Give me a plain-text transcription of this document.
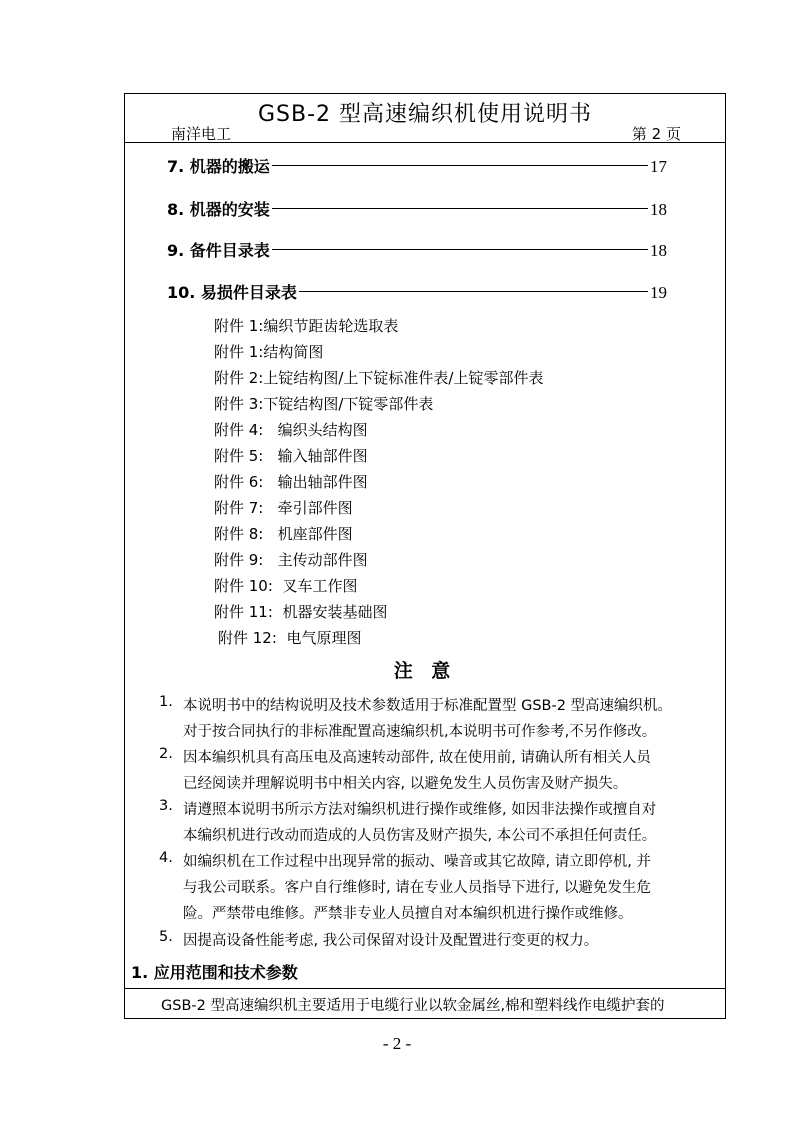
GSB-2 型高速编织机使用说明书
南洋电工	第 2 页
7. 机器的搬运	17
8. 机器的安装	18
9. 备件目录表	18
10. 易损件目录表	19
附件 1:编织节距齿轮选取表
附件 1:结构简图
附件 2:上锭结构图/上下锭标准件表/上锭零部件表
附件 3:下锭结构图/下锭零部件表
附件 4:   编织头结构图
附件 5:   输入轴部件图
附件 6:   输出轴部件图
附件 7:   牵引部件图
附件 8:   机座部件图
附件 9:   主传动部件图
附件 10:  叉车工作图
附件 11:  机器安装基础图
附件 12:  电气原理图
注 意
1. 本说明书中的结构说明及技术参数适用于标准配置型 GSB-2 型高速编织机。
对于按合同执行的非标准配置高速编织机,本说明书可作参考,不另作修改。
2. 因本编织机具有高压电及高速转动部件, 故在使用前, 请确认所有相关人员
已经阅读并理解说明书中相关内容, 以避免发生人员伤害及财产损失。
3. 请遵照本说明书所示方法对编织机进行操作或维修, 如因非法操作或擅自对
本编织机进行改动而造成的人员伤害及财产损失, 本公司不承担任何责任。
4. 如编织机在工作过程中出现异常的振动、噪音或其它故障, 请立即停机, 并
与我公司联系。客户自行维修时, 请在专业人员指导下进行, 以避免发生危
险。严禁带电维修。严禁非专业人员擅自对本编织机进行操作或维修。
5. 因提高设备性能考虑, 我公司保留对设计及配置进行变更的权力。
1. 应用范围和技术参数
GSB-2 型高速编织机主要适用于电缆行业以软金属丝,棉和塑料线作电缆护套的
- 2 -
